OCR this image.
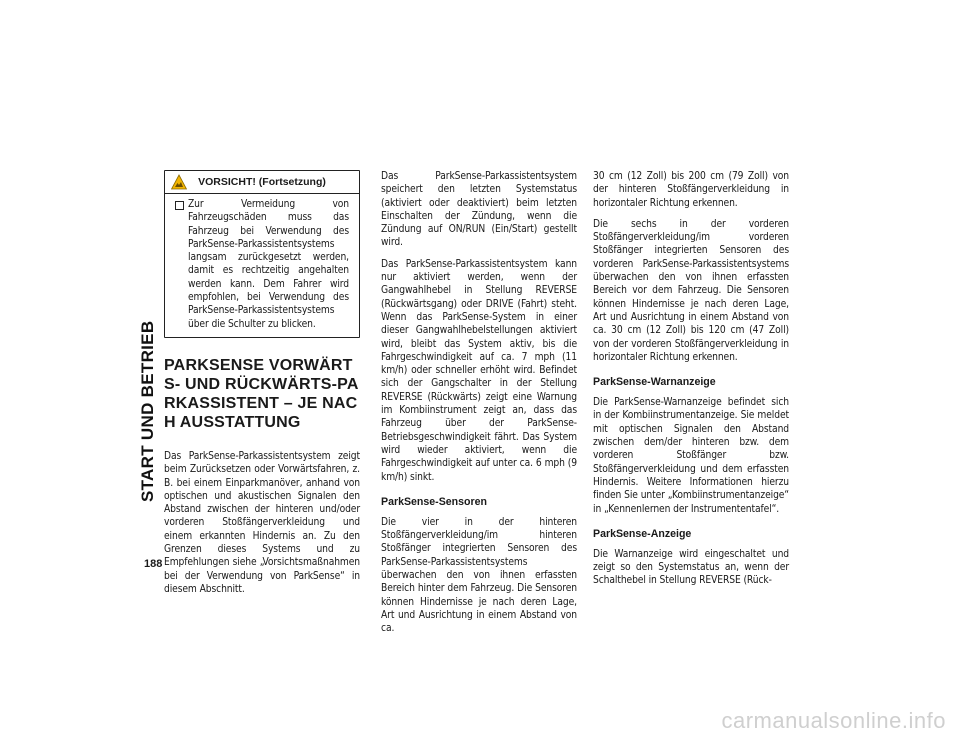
START UND BETRIEB
188
VORSICHT! (Fortsetzung)

Zur Vermeidung von Fahrzeugschäden muss das Fahrzeug bei Verwendung des ParkSense-Parkassistentsystems langsam zurückgesetzt werden, damit es rechtzeitig angehalten werden kann. Dem Fahrer wird empfohlen, bei Verwendung des ParkSense-Parkassistentsystems über die Schulter zu blicken.

PARKSENSE VORWÄRTS- UND RÜCKWÄRTS-PARKASSISTENT – JE NACH AUSSTATTUNG

Das ParkSense-Parkassistentsystem zeigt beim Zurücksetzen oder Vorwärtsfahren, z. B. bei einem Einparkmanöver, anhand von optischen und akustischen Signalen den Abstand zwischen der hinteren und/oder vorderen Stoßfängerverkleidung und einem erkannten Hindernis an. Zu den Grenzen dieses Systems und zu Empfehlungen siehe „Vorsichtsmaßnahmen bei der Verwendung von ParkSense“ in diesem Abschnitt.

Das ParkSense-Parkassistentsystem speichert den letzten Systemstatus (aktiviert oder deaktiviert) beim letzten Einschalten der Zündung, wenn die Zündung auf ON/RUN (Ein/Start) gestellt wird.

Das ParkSense-Parkassistentsystem kann nur aktiviert werden, wenn der Gangwahlhebel in Stellung REVERSE (Rückwärtsgang) oder DRIVE (Fahrt) steht. Wenn das ParkSense-System in einer dieser Gangwahlhebelstellungen aktiviert wird, bleibt das System aktiv, bis die Fahrgeschwindigkeit auf ca. 7 mph (11 km/h) oder schneller erhöht wird. Befindet sich der Gangschalter in der Stellung REVERSE (Rückwärts) zeigt eine Warnung im Kombiinstrument zeigt an, dass das Fahrzeug über der ParkSense-Betriebsgeschwindigkeit fährt. Das System wird wieder aktiviert, wenn die Fahrgeschwindigkeit auf unter ca. 6 mph (9 km/h) sinkt.

ParkSense-Sensoren

Die vier in der hinteren Stoßfängerverkleidung/im hinteren Stoßfänger integrierten Sensoren des ParkSense-Parkassistentsystems überwachen den von ihnen erfassten Bereich hinter dem Fahrzeug. Die Sensoren können Hindernisse je nach deren Lage, Art und Ausrichtung in einem Abstand von ca.

30 cm (12 Zoll) bis 200 cm (79 Zoll) von der hinteren Stoßfängerverkleidung in horizontaler Richtung erkennen.

Die sechs in der vorderen Stoßfängerverkleidung/im vorderen Stoßfänger integrierten Sensoren des vorderen ParkSense-Parkassistentsystems überwachen den von ihnen erfassten Bereich vor dem Fahrzeug. Die Sensoren können Hindernisse je nach deren Lage, Art und Ausrichtung in einem Abstand von ca. 30 cm (12 Zoll) bis 120 cm (47 Zoll) von der vorderen Stoßfängerverkleidung in horizontaler Richtung erkennen.

ParkSense-Warnanzeige

Die ParkSense-Warnanzeige befindet sich in der Kombiinstrumentanzeige. Sie meldet mit optischen Signalen den Abstand zwischen dem/der hinteren bzw. dem vorderen Stoßfänger bzw. Stoßfängerverkleidung und dem erfassten Hindernis. Weitere Informationen hierzu finden Sie unter „Kombiinstrumentanzeige“ in „Kennenlernen der Instrumententafel“.

ParkSense-Anzeige

Die Warnanzeige wird eingeschaltet und zeigt so den Systemstatus an, wenn der Schalthebel in Stellung REVERSE (Rück-

carmanualsonline.info
